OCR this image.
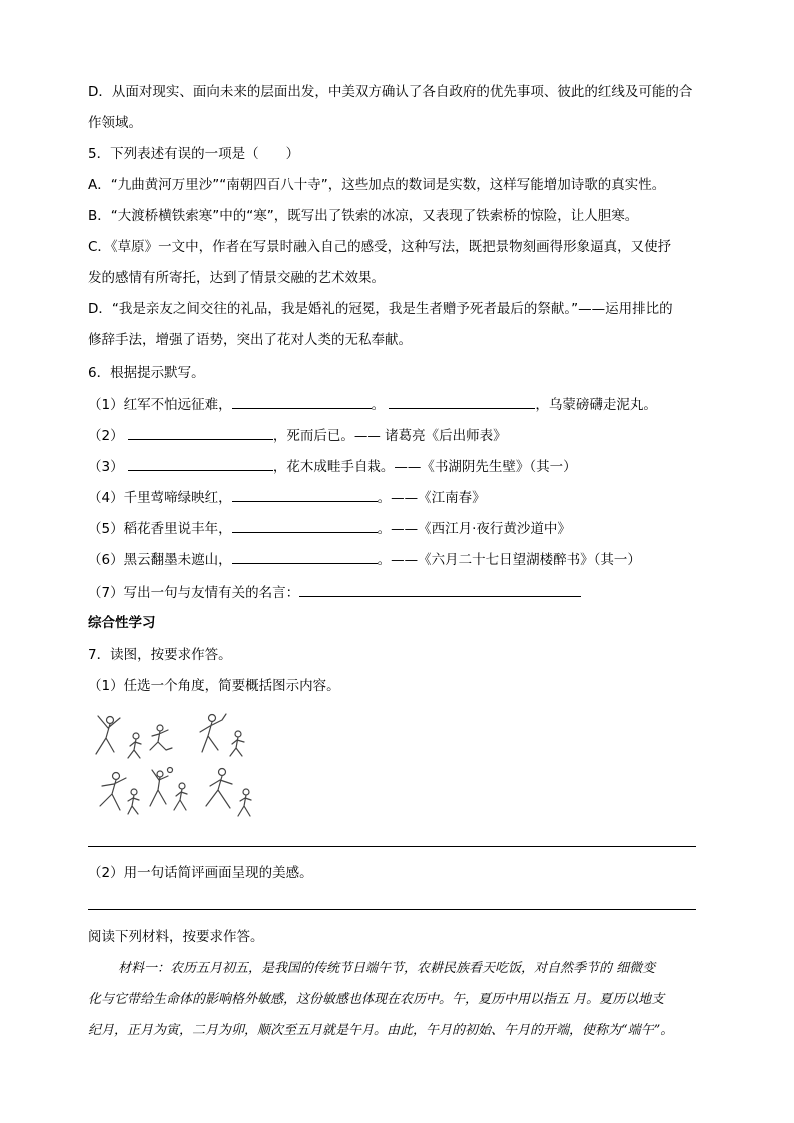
D．从面对现实、面向未来的层面出发，中美双方确认了各自政府的优先事项、彼此的红线及可能的合
作领域。
5．下列表述有误的一项是（　　）
A．“九曲黄河万里沙”“南朝四百八十寺”，这些加点的数词是实数，这样写能增加诗歌的真实性。
B．“大渡桥横铁索寒”中的“寒”，既写出了铁索的冰凉，又表现了铁索桥的惊险，让人胆寒。
C．《草原》一文中，作者在写景时融入自己的感受，这种写法，既把景物刻画得形象逼真，又使抒
发的感情有所寄托，达到了情景交融的艺术效果。
D．“我是亲友之间交往的礼品，我是婚礼的冠冕，我是生者赠予死者最后的祭献。”——运用排比的
修辞手法，增强了语势，突出了花对人类的无私奉献。
6．根据提示默写。
（1）红军不怕远征难，	。	，乌蒙磅礴走泥丸。
（2）	，死而后已。—— 诸葛亮《后出师表》
（3）	，花木成畦手自栽。——《书湖阴先生壁》（其一）
（4）千里莺啼绿映红，	。——《江南春》
（5）稻花香里说丰年，	。——《西江月·夜行黄沙道中》
（6）黑云翻墨未遮山，	。——《六月二十七日望湖楼醉书》（其一）
（7）写出一句与友情有关的名言：
综合性学习
7．读图，按要求作答。
（1）任选一个角度，简要概括图示内容。
（2）用一句话简评画面呈现的美感。
阅读下列材料，按要求作答。
材料一：农历五月初五，是我国的传统节日端午节，农耕民族看天吃饭，对自然季节的 细微变
化与它带给生命体的影响格外敏感，这份敏感也体现在农历中。午，夏历中用以指五 月。夏历以地支
纪月，正月为寅，二月为卯，顺次至五月就是午月。由此，午月的初始、午月的开端，使称为“端午”。
